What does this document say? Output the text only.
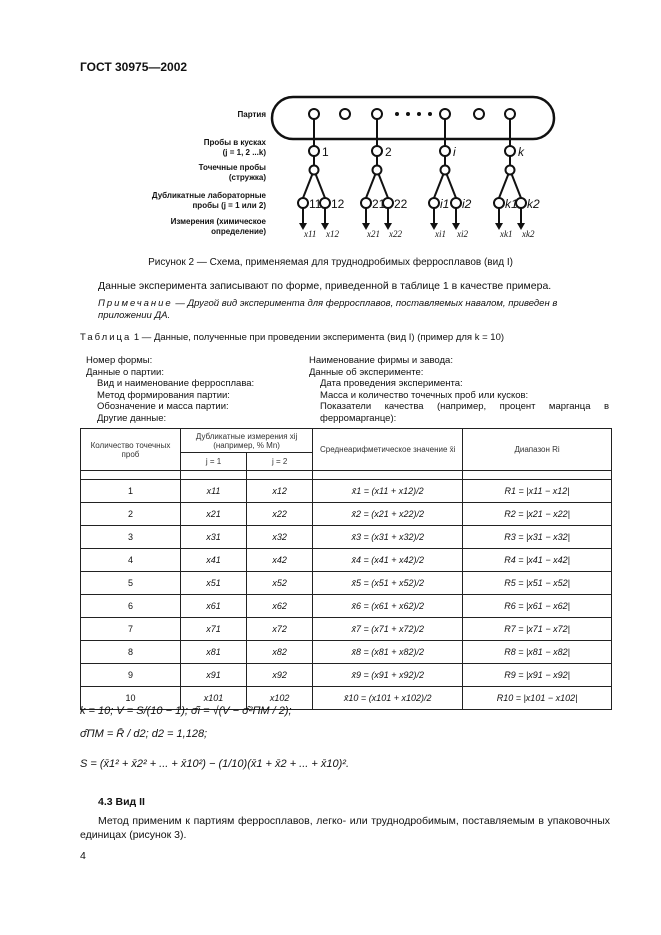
ГОСТ 30975—2002
1	2	i	k
11 12 21 22	i1 i2	k1 k2
x11 x12	x21 x22	xi1 xi2	xk1 xk2
Партия
Пробы в кусках
(j = 1, 2 ...k)
Точечные пробы
(стружка)
Дубликатные лабораторные
пробы (j = 1 или 2)
Измерения (химическое
определение)
Рисунок 2 — Схема, применяемая для труднодробимых ферросплавов (вид I)
Данные эксперимента записывают по форме, приведенной в таблице 1 в качестве примера.
Примечание — Другой вид эксперимента для ферросплавов, поставляемых навалом, приведен в приложении ДА.
Таблица 1 — Данные, полученные при проведении эксперимента (вид I) (пример для k = 10)
Номер формы:
Данные о партии:
Вид и наименование ферросплава:
Метод формирования партии:
Обозначение и масса партии:
Другие данные:
Наименование фирмы и завода:
Данные об эксперименте:
Дата проведения эксперимента:
Масса и количество точечных проб или кусков:
Показатели качества (например, процент марганца в ферромарганце):
Количество точечных проб	Дубликатные измерения xij (например, % Mn)		Среднеарифметическое значение x̄i	Диапазон Ri
	j = 1	j = 2		

1	x11	x12	x̄1 = (x11 + x12)/2	R1 = |x11 − x12|
2	x21	x22	x̄2 = (x21 + x22)/2	R2 = |x21 − x22|
3	x31	x32	x̄3 = (x31 + x32)/2	R3 = |x31 − x32|
4	x41	x42	x̄4 = (x41 + x42)/2	R4 = |x41 − x42|
5	x51	x52	x̄5 = (x51 + x52)/2	R5 = |x51 − x52|
6	x61	x62	x̄6 = (x61 + x62)/2	R6 = |x61 − x62|
7	x71	x72	x̄7 = (x71 + x72)/2	R7 = |x71 − x72|
8	x81	x82	x̄8 = (x81 + x82)/2	R8 = |x81 − x82|
9	x91	x92	x̄9 = (x91 + x92)/2	R9 = |x91 − x92|
10	x101	x102	x̄10 = (x101 + x102)/2	R10 = |x101 − x102|
k = 10; V = S/(10 − 1); σ̂i = √(V − σ̂²ПМ / 2);
σ̂ПМ = R̄ / d2; d2 = 1,128;
S = (x̄1² + x̄2² + ... + x̄10²) − (1/10)(x̄1 + x̄2 + ... + x̄10)².
4.3 Вид II
Метод применим к партиям ферросплавов, легко- или труднодробимым, поставляемым в упаковочных единицах (рисунок 3).
4
